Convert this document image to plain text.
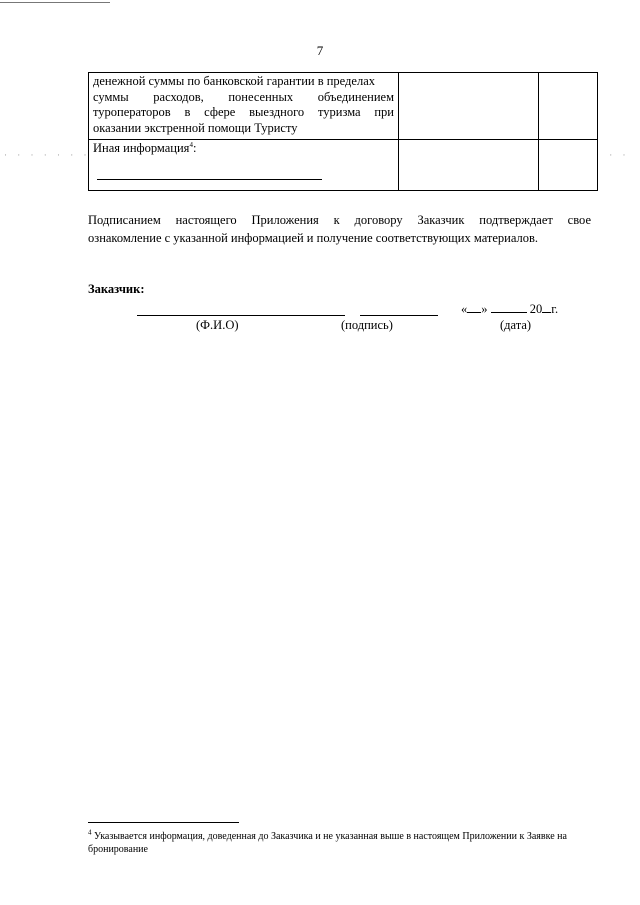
· · · · · · ·	· · ·
7
денежной суммы по банковской гарантии в пределах
суммы расходов, понесенных объединением
туроператоров в сфере выездного туризма при
оказании экстренной помощи Туристу		

Иная информация$^4$:		

Подписанием настоящего Приложения к договору Заказчик подтверждает свое
ознакомление с указанной информацией и получение соответствующих материалов.
Заказчик:
« »	20 г.
(Ф.И.О)	(подпись)	(дата)
$^4$ Указывается информация, доведенная до Заказчика и не указанная выше в настоящем Приложении к Заявке на бронирование
